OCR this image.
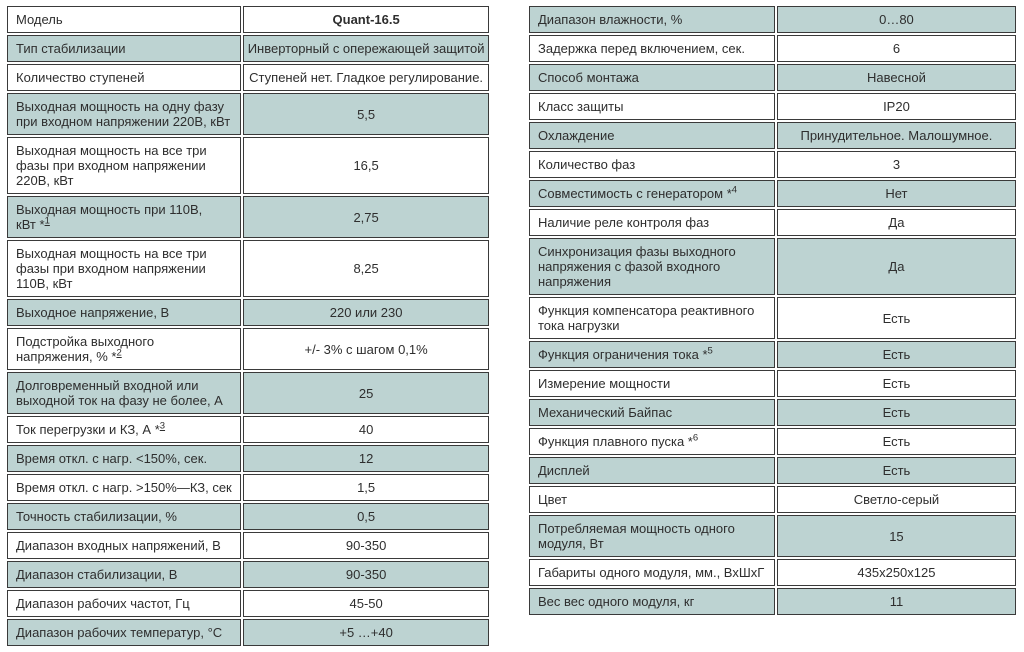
Модель	Quant-16.5
Тип стабилизации	Инверторный с опережающей защитой
Количество ступеней	Ступеней нет. Гладкое регулирование.
Выходная мощность на одну фазу при входном напряжении 220В, кВт	5,5
Выходная мощность на все три фазы при входном напряжении 220В, кВт	16,5
Выходная мощность при 110В, кВт *$^1$	2,75
Выходная мощность на все три фазы при входном напряжении 110В, кВт	8,25
Выходное напряжение, В	220 или 230
Подстройка выходного напряжения, % *$^2$	+/- 3% с шагом 0,1%
Долговременный входной или выходной ток на фазу не более, А	25
Ток перегрузки и КЗ, А *$^3$	40
Время откл. с нагр. <150%, сек.	12
Время откл. с нагр. >150%—КЗ, сек	1,5
Точность стабилизации, %	0,5
Диапазон входных напряжений, В	90-350
Диапазон стабилизации, В	90-350
Диапазон рабочих частот, Гц	45-50
Диапазон рабочих температур, °C	+5 …+40
Диапазон влажности, %	0…80
Задержка перед включением, сек.	6
Способ монтажа	Навесной
Класс защиты	IP20
Охлаждение	Принудительное. Малошумное.
Количество фаз	3
Совместимость с генератором *$^4$	Нет
Наличие реле контроля фаз	Да
Синхронизация фазы выходного напряжения с фазой входного напряжения	Да
Функция компенсатора реактивного тока нагрузки	Есть
Функция ограничения тока *$^5$	Есть
Измерение мощности	Есть
Механический Байпас	Есть
Функция плавного пуска *$^6$	Есть
Дисплей	Есть
Цвет	Светло-серый
Потребляемая мощность одного модуля, Вт	15
Габариты одного модуля, мм., ВхШхГ	435x250x125
Вес вес одного модуля, кг	11
